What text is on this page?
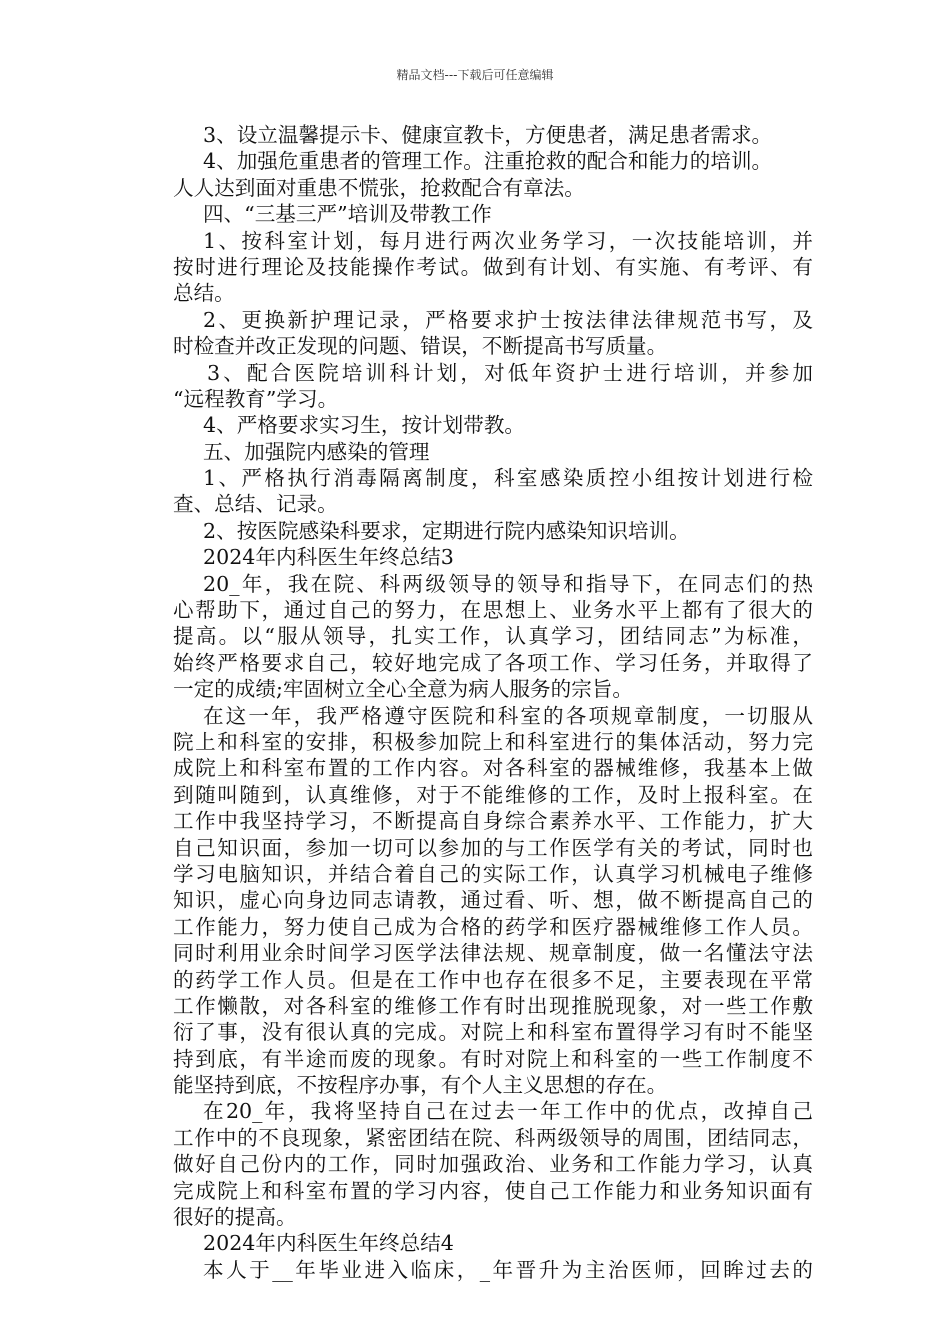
精品文档---下载后可任意编辑
3、设立温馨提示卡、健康宣教卡，方便患者，满足患者需求。
4、加强危重患者的管理工作。注重抢救的配合和能力的培训。
人人达到面对重患不慌张，抢救配合有章法。
四、“三基三严”培训及带教工作
1、按科室计划，每月进行两次业务学习，一次技能培训，并
按时进行理论及技能操作考试。做到有计划、有实施、有考评、有
总结。
2、更换新护理记录，严格要求护士按法律法律规范书写，及
时检查并改正发现的问题、错误，不断提高书写质量。
3、配合医院培训科计划，对低年资护士进行培训，并参加
“远程教育”学习。
4、严格要求实习生，按计划带教。
五、加强院内感染的管理
1、严格执行消毒隔离制度，科室感染质控小组按计划进行检
查、总结、记录。
2、按医院感染科要求，定期进行院内感染知识培训。
2024年内科医生年终总结3
20_年，我在院、科两级领导的领导和指导下，在同志们的热
心帮助下，通过自己的努力，在思想上、业务水平上都有了很大的
提高。以“服从领导，扎实工作，认真学习，团结同志”为标准，
始终严格要求自己，较好地完成了各项工作、学习任务，并取得了
一定的成绩;牢固树立全心全意为病人服务的宗旨。
在这一年，我严格遵守医院和科室的各项规章制度，一切服从
院上和科室的安排，积极参加院上和科室进行的集体活动，努力完
成院上和科室布置的工作内容。对各科室的器械维修，我基本上做
到随叫随到，认真维修，对于不能维修的工作，及时上报科室。在
工作中我坚持学习，不断提高自身综合素养水平、工作能力，扩大
自己知识面，参加一切可以参加的与工作医学有关的考试，同时也
学习电脑知识，并结合着自己的实际工作，认真学习机械电子维修
知识，虚心向身边同志请教，通过看、听、想，做不断提高自己的
工作能力，努力使自己成为合格的药学和医疗器械维修工作人员。
同时利用业余时间学习医学法律法规、规章制度，做一名懂法守法
的药学工作人员。但是在工作中也存在很多不足，主要表现在平常
工作懒散，对各科室的维修工作有时出现推脱现象，对一些工作敷
衍了事，没有很认真的完成。对院上和科室布置得学习有时不能坚
持到底，有半途而废的现象。有时对院上和科室的一些工作制度不
能坚持到底，不按程序办事，有个人主义思想的存在。
在20_年，我将坚持自己在过去一年工作中的优点，改掉自己
工作中的不良现象，紧密团结在院、科两级领导的周围，团结同志，
做好自己份内的工作，同时加强政治、业务和工作能力学习，认真
完成院上和科室布置的学习内容，使自己工作能力和业务知识面有
很好的提高。
2024年内科医生年终总结4
本人于__年毕业进入临床，_年晋升为主治医师，回眸过去的
